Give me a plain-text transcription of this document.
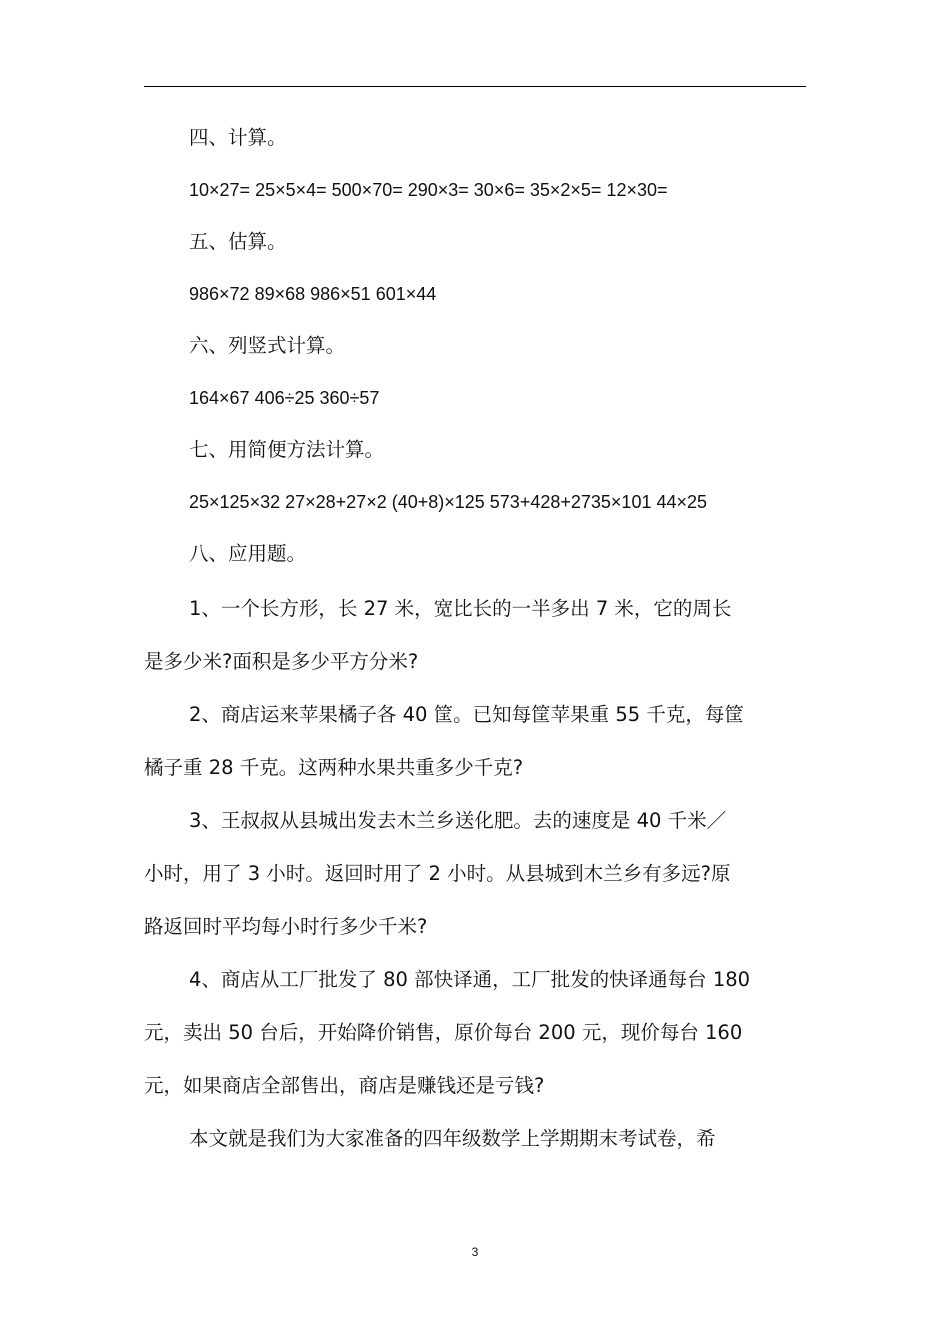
四、计算。
10×27= 25×5×4= 500×70= 290×3= 30×6= 35×2×5= 12×30=
五、估算。
986×72 89×68 986×51 601×44
六、列竖式计算。
164×67 406÷25 360÷57
七、用简便方法计算。
25×125×32 27×28+27×2 (40+8)×125 573+428+2735×101 44×25
八、应用题。
1、一个长方形，长 27 米，宽比长的一半多出 7 米，它的周长
是多少米?面积是多少平方分米?
2、商店运来苹果橘子各 40 筐。已知每筐苹果重 55 千克，每筐
橘子重 28 千克。这两种水果共重多少千克?
3、王叔叔从县城出发去木兰乡送化肥。去的速度是 40 千米／
小时，用了 3 小时。返回时用了 2 小时。从县城到木兰乡有多远?原
路返回时平均每小时行多少千米?
4、商店从工厂批发了 80 部快译通，工厂批发的快译通每台 180
元，卖出 50 台后，开始降价销售，原价每台 200 元，现价每台 160
元，如果商店全部售出，商店是赚钱还是亏钱?
本文就是我们为大家准备的四年级数学上学期期末考试卷，希
3
